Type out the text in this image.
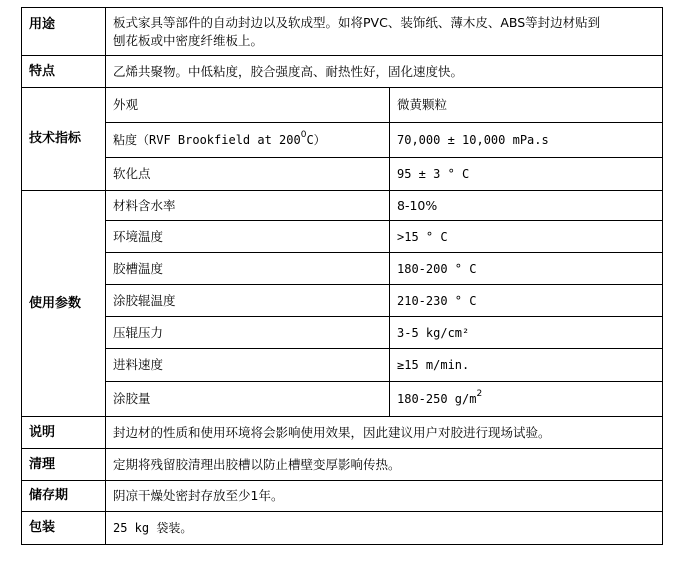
用途	板式家具等部件的自动封边以及软成型。如将PVC、装饰纸、薄木皮、ABS等封边材贴到
刨花板或中密度纤维板上。	

特点	乙烯共聚物。中低粘度，胶合强度高、耐热性好，固化速度快。	
技术指标	外观	微黄颗粒
	粘度（RVF Brookfield at $200^0C$）	70,000 ± 10,000 mPa.s
	软化点	95 ± 3 ° C
使用参数	材料含水率	8-10%
	环境温度	>15 ° C
	胶槽温度	180-200 ° C
	涂胶辊温度	210-230 ° C
	压辊压力	3-5 kg/cm²
	进料速度	≥15 m/min.
	涂胶量	180-250 $g/m^2$
说明	封边材的性质和使用环境将会影响使用效果，因此建议用户对胶进行现场试验。	
清理	定期将残留胶清理出胶槽以防止槽壁变厚影响传热。	
储存期	阴凉干燥处密封存放至少1年。	
包装	25 kg 袋装。	
